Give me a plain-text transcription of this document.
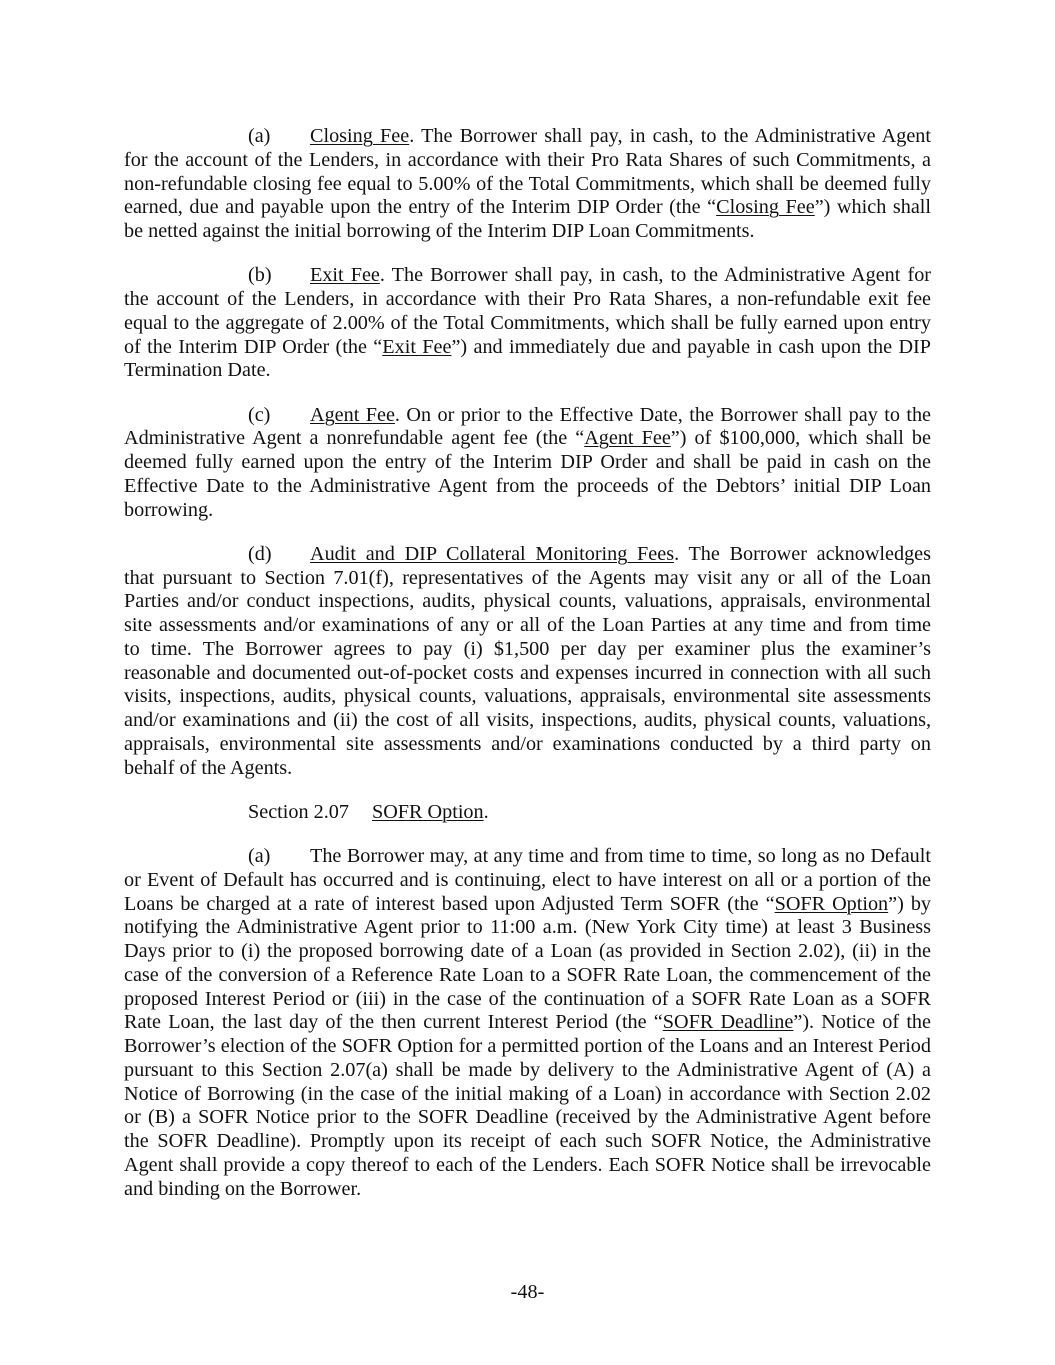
(a) Closing Fee. The Borrower shall pay, in cash, to the Administrative Agent
for the account of the Lenders, in accordance with their Pro Rata Shares of such Commitments, a
non-refundable closing fee equal to 5.00% of the Total Commitments, which shall be deemed fully
earned, due and payable upon the entry of the Interim DIP Order (the “Closing Fee”) which shall
be netted against the initial borrowing of the Interim DIP Loan Commitments.
(b) Exit Fee. The Borrower shall pay, in cash, to the Administrative Agent for
the account of the Lenders, in accordance with their Pro Rata Shares, a non-refundable exit fee
equal to the aggregate of 2.00% of the Total Commitments, which shall be fully earned upon entry
of the Interim DIP Order (the “Exit Fee”) and immediately due and payable in cash upon the DIP
Termination Date.
(c) Agent Fee. On or prior to the Effective Date, the Borrower shall pay to the
Administrative Agent a nonrefundable agent fee (the “Agent Fee”) of $100,000, which shall be
deemed fully earned upon the entry of the Interim DIP Order and shall be paid in cash on the
Effective Date to the Administrative Agent from the proceeds of the Debtors’ initial DIP Loan
borrowing.
(d) Audit and DIP Collateral Monitoring Fees. The Borrower acknowledges
that pursuant to Section 7.01(f), representatives of the Agents may visit any or all of the Loan
Parties and/or conduct inspections, audits, physical counts, valuations, appraisals, environmental
site assessments and/or examinations of any or all of the Loan Parties at any time and from time
to time. The Borrower agrees to pay (i) $1,500 per day per examiner plus the examiner’s
reasonable and documented out-of-pocket costs and expenses incurred in connection with all such
visits, inspections, audits, physical counts, valuations, appraisals, environmental site assessments
and/or examinations and (ii) the cost of all visits, inspections, audits, physical counts, valuations,
appraisals, environmental site assessments and/or examinations conducted by a third party on
behalf of the Agents.
Section 2.07 SOFR Option.
(a) The Borrower may, at any time and from time to time, so long as no Default
or Event of Default has occurred and is continuing, elect to have interest on all or a portion of the
Loans be charged at a rate of interest based upon Adjusted Term SOFR (the “SOFR Option”) by
notifying the Administrative Agent prior to 11:00 a.m. (New York City time) at least 3 Business
Days prior to (i) the proposed borrowing date of a Loan (as provided in Section 2.02), (ii) in the
case of the conversion of a Reference Rate Loan to a SOFR Rate Loan, the commencement of the
proposed Interest Period or (iii) in the case of the continuation of a SOFR Rate Loan as a SOFR
Rate Loan, the last day of the then current Interest Period (the “SOFR Deadline”). Notice of the
Borrower’s election of the SOFR Option for a permitted portion of the Loans and an Interest Period
pursuant to this Section 2.07(a) shall be made by delivery to the Administrative Agent of (A) a
Notice of Borrowing (in the case of the initial making of a Loan) in accordance with Section 2.02
or (B) a SOFR Notice prior to the SOFR Deadline (received by the Administrative Agent before
the SOFR Deadline). Promptly upon its receipt of each such SOFR Notice, the Administrative
Agent shall provide a copy thereof to each of the Lenders. Each SOFR Notice shall be irrevocable
and binding on the Borrower.
-48-
